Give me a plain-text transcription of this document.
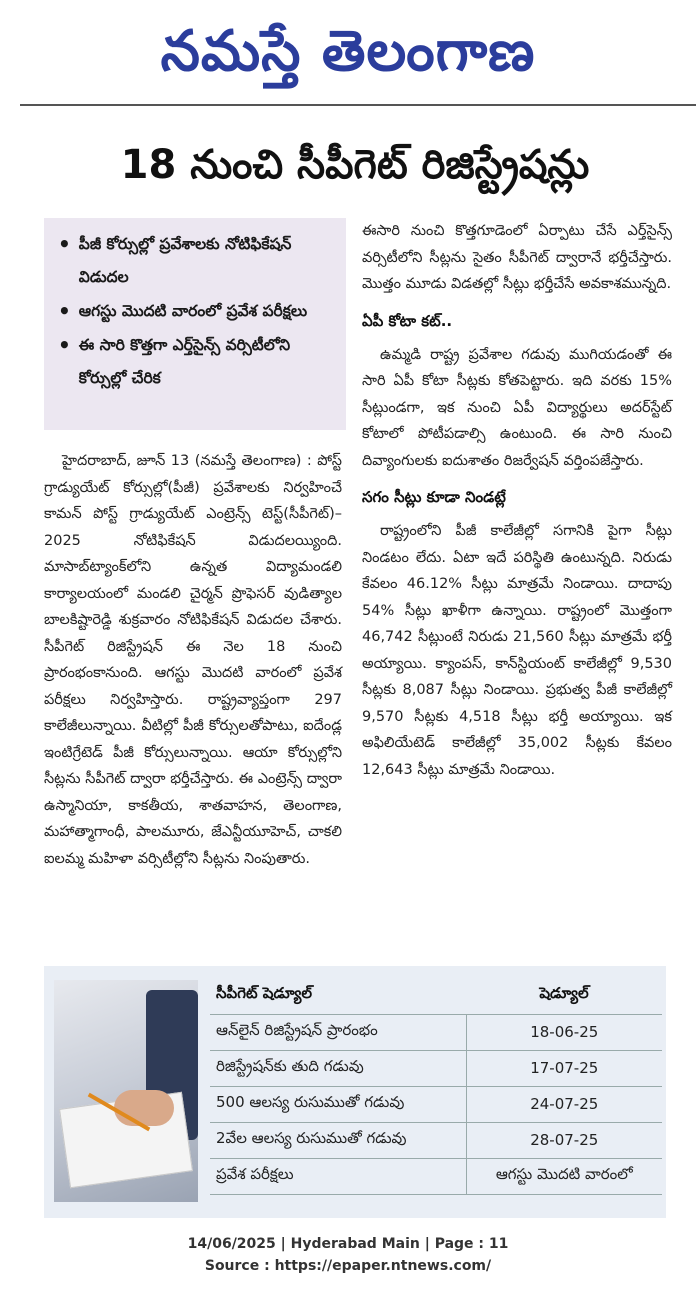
నమస్తే తెలంగాణ
18 నుంచి సీపీగెట్ రిజిస్ట్రేషన్లు
• పీజీ కోర్సుల్లో ప్రవేశాలకు నోటిఫికేషన్ విడుదల
• ఆగస్టు మొదటి వారంలో ప్రవేశ పరీక్షలు
• ఈ సారి కొత్తగా ఎర్త్‌సైన్స్ వర్సిటీలోని కోర్సుల్లో చేరిక

హైదరాబాద్, జూన్ 13 (నమస్తే తెలంగాణ) : పోస్ట్ గ్రాడ్యుయేట్ కోర్సుల్లో(పీజీ) ప్రవేశాలకు నిర్వహించే కామన్ పోస్ట్ గ్రాడ్యుయేట్ ఎంట్రెన్స్ టెస్ట్(సీపీగెట్)–2025 నోటిఫికేషన్ విడుదలయ్యింది. మాసాబ్‌ట్యాంక్‌లోని ఉన్నత విద్యామండలి కార్యాలయంలో మండలి చైర్మన్ ప్రొఫెసర్ వుడిత్యాల బాలకిష్టారెడ్డి శుక్రవారం నోటిఫికేషన్ విడుదల చేశారు. సీపీగెట్ రిజిస్ట్రేషన్ ఈ నెల 18 నుంచి ప్రారంభంకానుంది. ఆగస్టు మొదటి వారంలో ప్రవేశ పరీక్షలు నిర్వహిస్తారు. రాష్ట్రవ్యాప్తంగా 297 కాలేజీలున్నాయి. వీటిల్లో పీజీ కోర్సులతోపాటు, ఐదేండ్ల ఇంటిగ్రేటెడ్ పీజీ కోర్సులున్నాయి. ఆయా కోర్సుల్లోని సీట్లను సీపీగెట్ ద్వారా భర్తీచేస్తారు. ఈ ఎంట్రెన్స్ ద్వారా ఉస్మానియా, కాకతీయ, శాతవాహన, తెలంగాణ, మహాత్మాగాంధీ, పాలమూరు, జేఎన్టీయూహెచ్, చాకలి ఐలమ్మ మహిళా వర్సిటీల్లోని సీట్లను నింపుతారు.

ఈసారి నుంచి కొత్తగూడెంలో ఏర్పాటు చేసే ఎర్త్‌సైన్స్ వర్సిటీలోని సీట్లను సైతం సీపీగెట్ ద్వారానే భర్తీచేస్తారు. మొత్తం మూడు విడతల్లో సీట్లు భర్తీచేసే అవకాశమున్నది.

ఏపీ కోటా కట్..

ఉమ్మడి రాష్ట్ర ప్రవేశాల గడువు ముగియడంతో ఈ సారి ఏపీ కోటా సీట్లకు కోతపెట్టారు. ఇది వరకు 15% సీట్లుండగా, ఇక నుంచి ఏపీ విద్యార్థులు అదర్‌స్టేట్ కోటాలో పోటీపడాల్సి ఉంటుంది. ఈ సారి నుంచి దివ్యాంగులకు ఐదుశాతం రిజర్వేషన్ వర్తింపజేస్తారు.

సగం సీట్లు కూడా నిండట్లే

రాష్ట్రంలోని పీజీ కాలేజీల్లో సగానికి పైగా సీట్లు నిండటం లేదు. ఏటా ఇదే పరిస్థితి ఉంటున్నది. నిరుడు కేవలం 46.12% సీట్లు మాత్రమే నిండాయి. దాదాపు 54% సీట్లు ఖాళీగా ఉన్నాయి. రాష్ట్రంలో మొత్తంగా 46,742 సీట్లుంటే నిరుడు 21,560 సీట్లు మాత్రమే భర్తీ అయ్యాయి. క్యాంపస్, కాన్‌స్టియంట్ కాలేజీల్లో 9,530 సీట్లకు 8,087 సీట్లు నిండాయి. ప్రభుత్వ పీజీ కాలేజీల్లో 9,570 సీట్లకు 4,518 సీట్లు భర్తీ అయ్యాయి. ఇక అఫిలియేటెడ్ కాలేజీల్లో 35,002 సీట్లకు కేవలం 12,643 సీట్లు మాత్రమే నిండాయి.

సీపీగెట్ షెడ్యూల్	షెడ్యూల్
ఆన్‌లైన్ రిజిస్ట్రేషన్ ప్రారంభం	18-06-25
రిజిస్ట్రేషన్‌కు తుది గడువు	17-07-25
500 ఆలస్య రుసుముతో గడువు	24-07-25
2వేల ఆలస్య రుసుముతో గడువు	28-07-25
ప్రవేశ పరీక్షలు	ఆగస్టు మొదటి వారంలో
14/06/2025 | Hyderabad Main | Page : 11
Source : https://epaper.ntnews.com/
